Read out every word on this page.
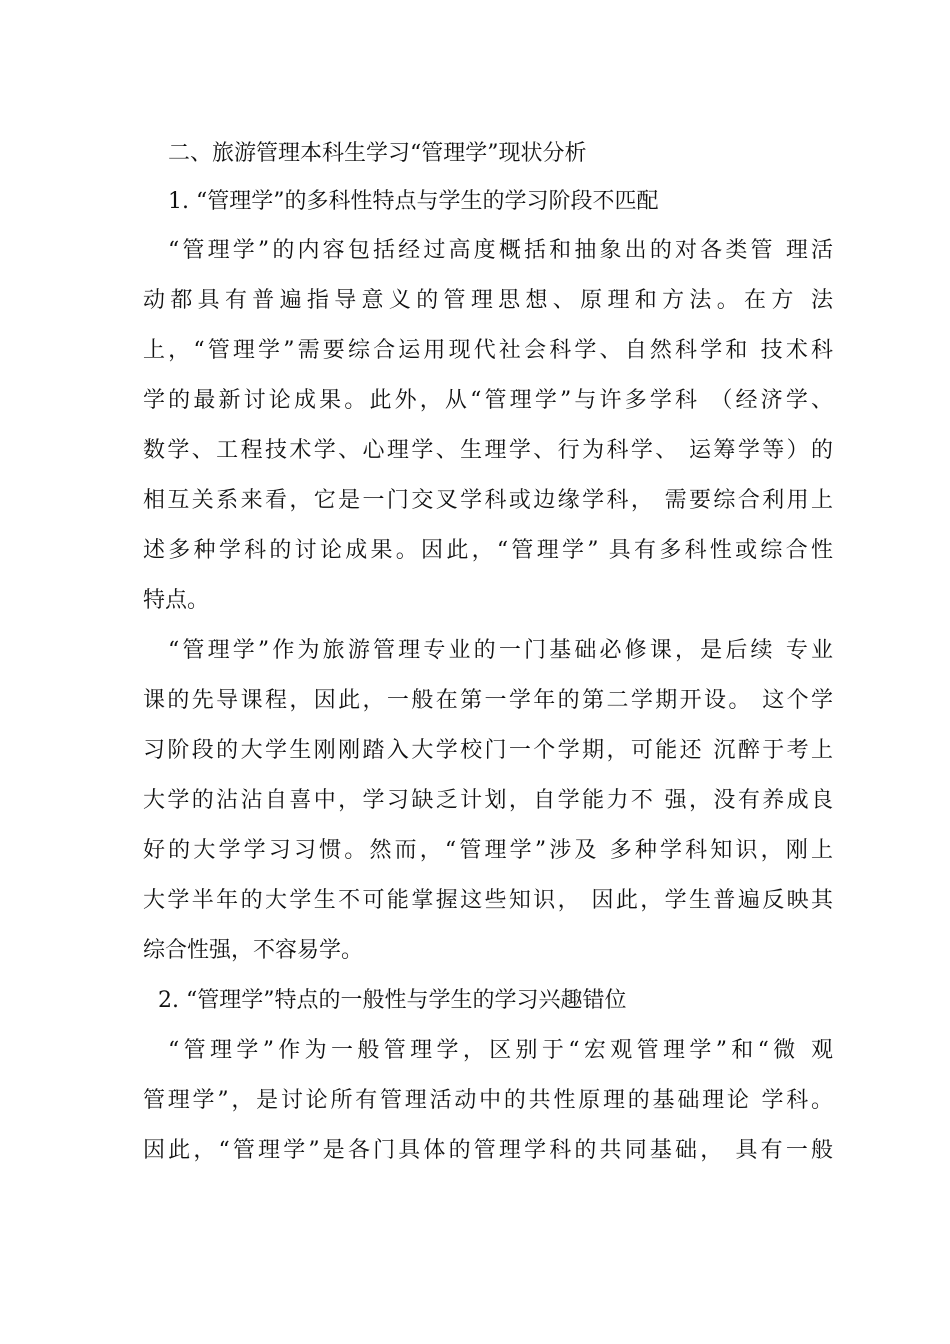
二、旅游管理本科生学习“管理学”现状分析
1. “管理学”的多科性特点与学生的学习阶段不匹配
“管理学”的内容包括经过高度概括和抽象出的对各类管 理活
动都具有普遍指导意义的管理思想、原理和方法。在方 法
上，“管理学”需要综合运用现代社会科学、自然科学和 技术科
学的最新讨论成果。此外，从“管理学”与许多学科 （经济学、
数学、工程技术学、心理学、生理学、行为科学、 运筹学等）的
相互关系来看，它是一门交叉学科或边缘学科， 需要综合利用上
述多种学科的讨论成果。因此，“管理学” 具有多科性或综合性
特点。
“管理学”作为旅游管理专业的一门基础必修课，是后续 专业
课的先导课程，因此，一般在第一学年的第二学期开设。 这个学
习阶段的大学生刚刚踏入大学校门一个学期，可能还 沉醉于考上
大学的沾沾自喜中，学习缺乏计划，自学能力不 强，没有养成良
好的大学学习习惯。然而，“管理学”涉及 多种学科知识，刚上
大学半年的大学生不可能掌握这些知识， 因此，学生普遍反映其
综合性强，不容易学。
2. “管理学”特点的一般性与学生的学习兴趣错位
“管理学”作为一般管理学，区别于“宏观管理学”和“微 观
管理学”，是讨论所有管理活动中的共性原理的基础理论 学科。
因此，“管理学”是各门具体的管理学科的共同基础， 具有一般
